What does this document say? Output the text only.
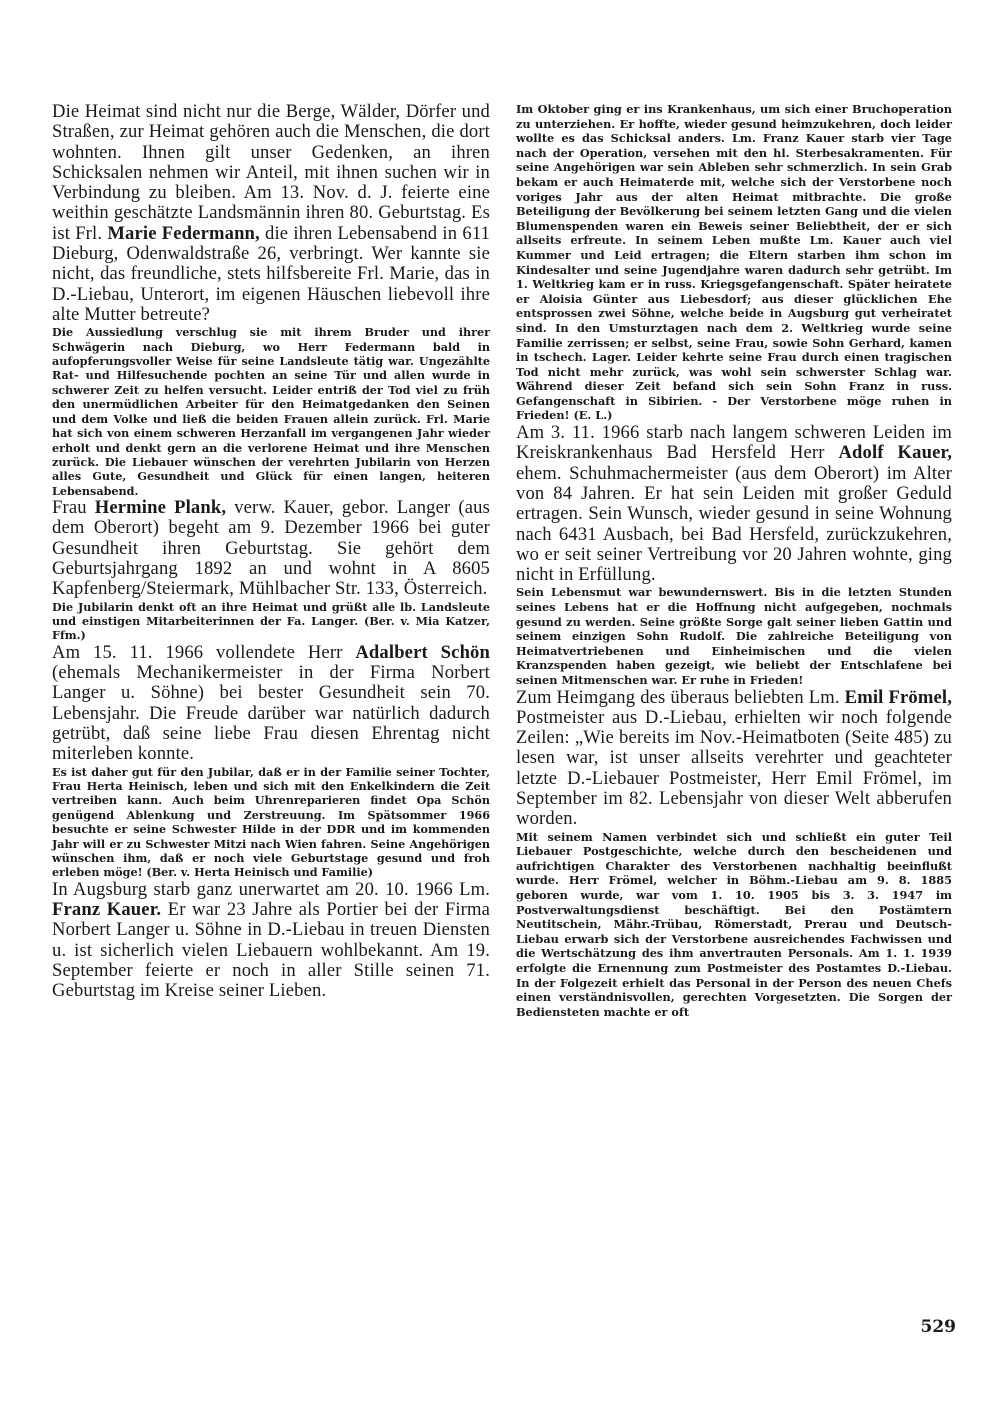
Die Heimat sind nicht nur die Berge, Wälder, Dörfer und Straßen, zur Heimat gehören auch die Menschen, die dort wohnten. Ihnen gilt unser Gedenken, an ihren Schicksalen nehmen wir Anteil, mit ihnen suchen wir in Verbindung zu bleiben. Am 13. Nov. d. J. feierte eine weithin geschätzte Landsmännin ihren 80. Geburtstag. Es ist Frl. Marie Federmann, die ihren Lebensabend in 611 Dieburg, Odenwaldstraße 26, verbringt. Wer kannte sie nicht, das freundliche, stets hilfsbereite Frl. Marie, das in D.-Liebau, Unterort, im eigenen Häuschen liebevoll ihre alte Mutter betreute?

Die Aussiedlung verschlug sie mit ihrem Bruder und ihrer Schwägerin nach Dieburg, wo Herr Federmann bald in aufopferungsvoller Weise für seine Landsleute tätig war. Ungezählte Rat- und Hilfesuchende pochten an seine Tür und allen wurde in schwerer Zeit zu helfen versucht. Leider entriß der Tod viel zu früh den unermüdlichen Arbeiter für den Heimatgedanken den Seinen und dem Volke und ließ die beiden Frauen allein zurück. Frl. Marie hat sich von einem schweren Herzanfall im vergangenen Jahr wieder erholt und denkt gern an die verlorene Heimat und ihre Menschen zurück. Die Liebauer wünschen der verehrten Jubilarin von Herzen alles Gute, Gesundheit und Glück für einen langen, heiteren Lebensabend.

Frau Hermine Plank, verw. Kauer, gebor. Langer (aus dem Oberort) begeht am 9. Dezember 1966 bei guter Gesundheit ihren Geburtstag. Sie gehört dem Geburtsjahrgang 1892 an und wohnt in A 8605 Kapfenberg/Steiermark, Mühlbacher Str. 133, Österreich.

Die Jubilarin denkt oft an ihre Heimat und grüßt alle lb. Landsleute und einstigen Mitarbeiterinnen der Fa. Langer. (Ber. v. Mia Katzer, Ffm.)

Am 15. 11. 1966 vollendete Herr Adalbert Schön (ehemals Mechanikermeister in der Firma Norbert Langer u. Söhne) bei bester Gesundheit sein 70. Lebensjahr. Die Freude darüber war natürlich dadurch getrübt, daß seine liebe Frau diesen Ehrentag nicht miterleben konnte.

Es ist daher gut für den Jubilar, daß er in der Familie seiner Tochter, Frau Herta Heinisch, leben und sich mit den Enkelkindern die Zeit vertreiben kann. Auch beim Uhrenreparieren findet Opa Schön genügend Ablenkung und Zerstreuung. Im Spätsommer 1966 besuchte er seine Schwester Hilde in der DDR und im kommenden Jahr will er zu Schwester Mitzi nach Wien fahren. Seine Angehörigen wünschen ihm, daß er noch viele Geburtstage gesund und froh erleben möge! (Ber. v. Herta Heinisch und Familie)

In Augsburg starb ganz unerwartet am 20. 10. 1966 Lm. Franz Kauer. Er war 23 Jahre als Portier bei der Firma Norbert Langer u. Söhne in D.-Liebau in treuen Diensten u. ist sicherlich vielen Liebauern wohlbekannt. Am 19. September feierte er noch in aller Stille seinen 71. Geburtstag im Kreise seiner Lieben.

Im Oktober ging er ins Krankenhaus, um sich einer Bruchoperation zu unterziehen. Er hoffte, wieder gesund heimzukehren, doch leider wollte es das Schicksal anders. Lm. Franz Kauer starb vier Tage nach der Operation, versehen mit den hl. Sterbesakramenten. Für seine Angehörigen war sein Ableben sehr schmerzlich. In sein Grab bekam er auch Heimaterde mit, welche sich der Verstorbene noch voriges Jahr aus der alten Heimat mitbrachte. Die große Beteiligung der Bevölkerung bei seinem letzten Gang und die vielen Blumenspenden waren ein Beweis seiner Beliebtheit, der er sich allseits erfreute. In seinem Leben mußte Lm. Kauer auch viel Kummer und Leid ertragen; die Eltern starben ihm schon im Kindesalter und seine Jugendjahre waren dadurch sehr getrübt. Im 1. Weltkrieg kam er in russ. Kriegsgefangenschaft. Später heiratete er Aloisia Günter aus Liebesdorf; aus dieser glücklichen Ehe entsprossen zwei Söhne, welche beide in Augsburg gut verheiratet sind. In den Umsturztagen nach dem 2. Weltkrieg wurde seine Familie zerrissen; er selbst, seine Frau, sowie Sohn Gerhard, kamen in tschech. Lager. Leider kehrte seine Frau durch einen tragischen Tod nicht mehr zurück, was wohl sein schwerster Schlag war. Während dieser Zeit befand sich sein Sohn Franz in russ. Gefangenschaft in Sibirien. - Der Verstorbene möge ruhen in Frieden! (E. L.)

Am 3. 11. 1966 starb nach langem schweren Leiden im Kreiskrankenhaus Bad Hersfeld Herr Adolf Kauer, ehem. Schuhmachermeister (aus dem Oberort) im Alter von 84 Jahren. Er hat sein Leiden mit großer Geduld ertragen. Sein Wunsch, wieder gesund in seine Wohnung nach 6431 Ausbach, bei Bad Hersfeld, zurückzukehren, wo er seit seiner Vertreibung vor 20 Jahren wohnte, ging nicht in Erfüllung.

Sein Lebensmut war bewundernswert. Bis in die letzten Stunden seines Lebens hat er die Hoffnung nicht aufgegeben, nochmals gesund zu werden. Seine größte Sorge galt seiner lieben Gattin und seinem einzigen Sohn Rudolf. Die zahlreiche Beteiligung von Heimatvertriebenen und Einheimischen und die vielen Kranzspenden haben gezeigt, wie beliebt der Entschlafene bei seinen Mitmenschen war. Er ruhe in Frieden!

Zum Heimgang des überaus beliebten Lm. Emil Frömel, Postmeister aus D.-Liebau, erhielten wir noch folgende Zeilen: „Wie bereits im Nov.-Heimatboten (Seite 485) zu lesen war, ist unser allseits verehrter und geachteter letzte D.-Liebauer Postmeister, Herr Emil Frömel, im September im 82. Lebensjahr von dieser Welt abberufen worden.

Mit seinem Namen verbindet sich und schließt ein guter Teil Liebauer Postgeschichte, welche durch den bescheidenen und aufrichtigen Charakter des Verstorbenen nachhaltig beeinflußt wurde. Herr Frömel, welcher in Böhm.-Liebau am 9. 8. 1885 geboren wurde, war vom 1. 10. 1905 bis 3. 3. 1947 im Postverwaltungsdienst beschäftigt. Bei den Postämtern Neutitschein, Mähr.-Trübau, Römerstadt, Prerau und Deutsch-Liebau erwarb sich der Verstorbene ausreichendes Fachwissen und die Wertschätzung des ihm anvertrauten Personals. Am 1. 1. 1939 erfolgte die Ernennung zum Postmeister des Postamtes D.-Liebau. In der Folgezeit erhielt das Personal in der Person des neuen Chefs einen verständnisvollen, gerechten Vorgesetzten. Die Sorgen der Bediensteten machte er oft

529
